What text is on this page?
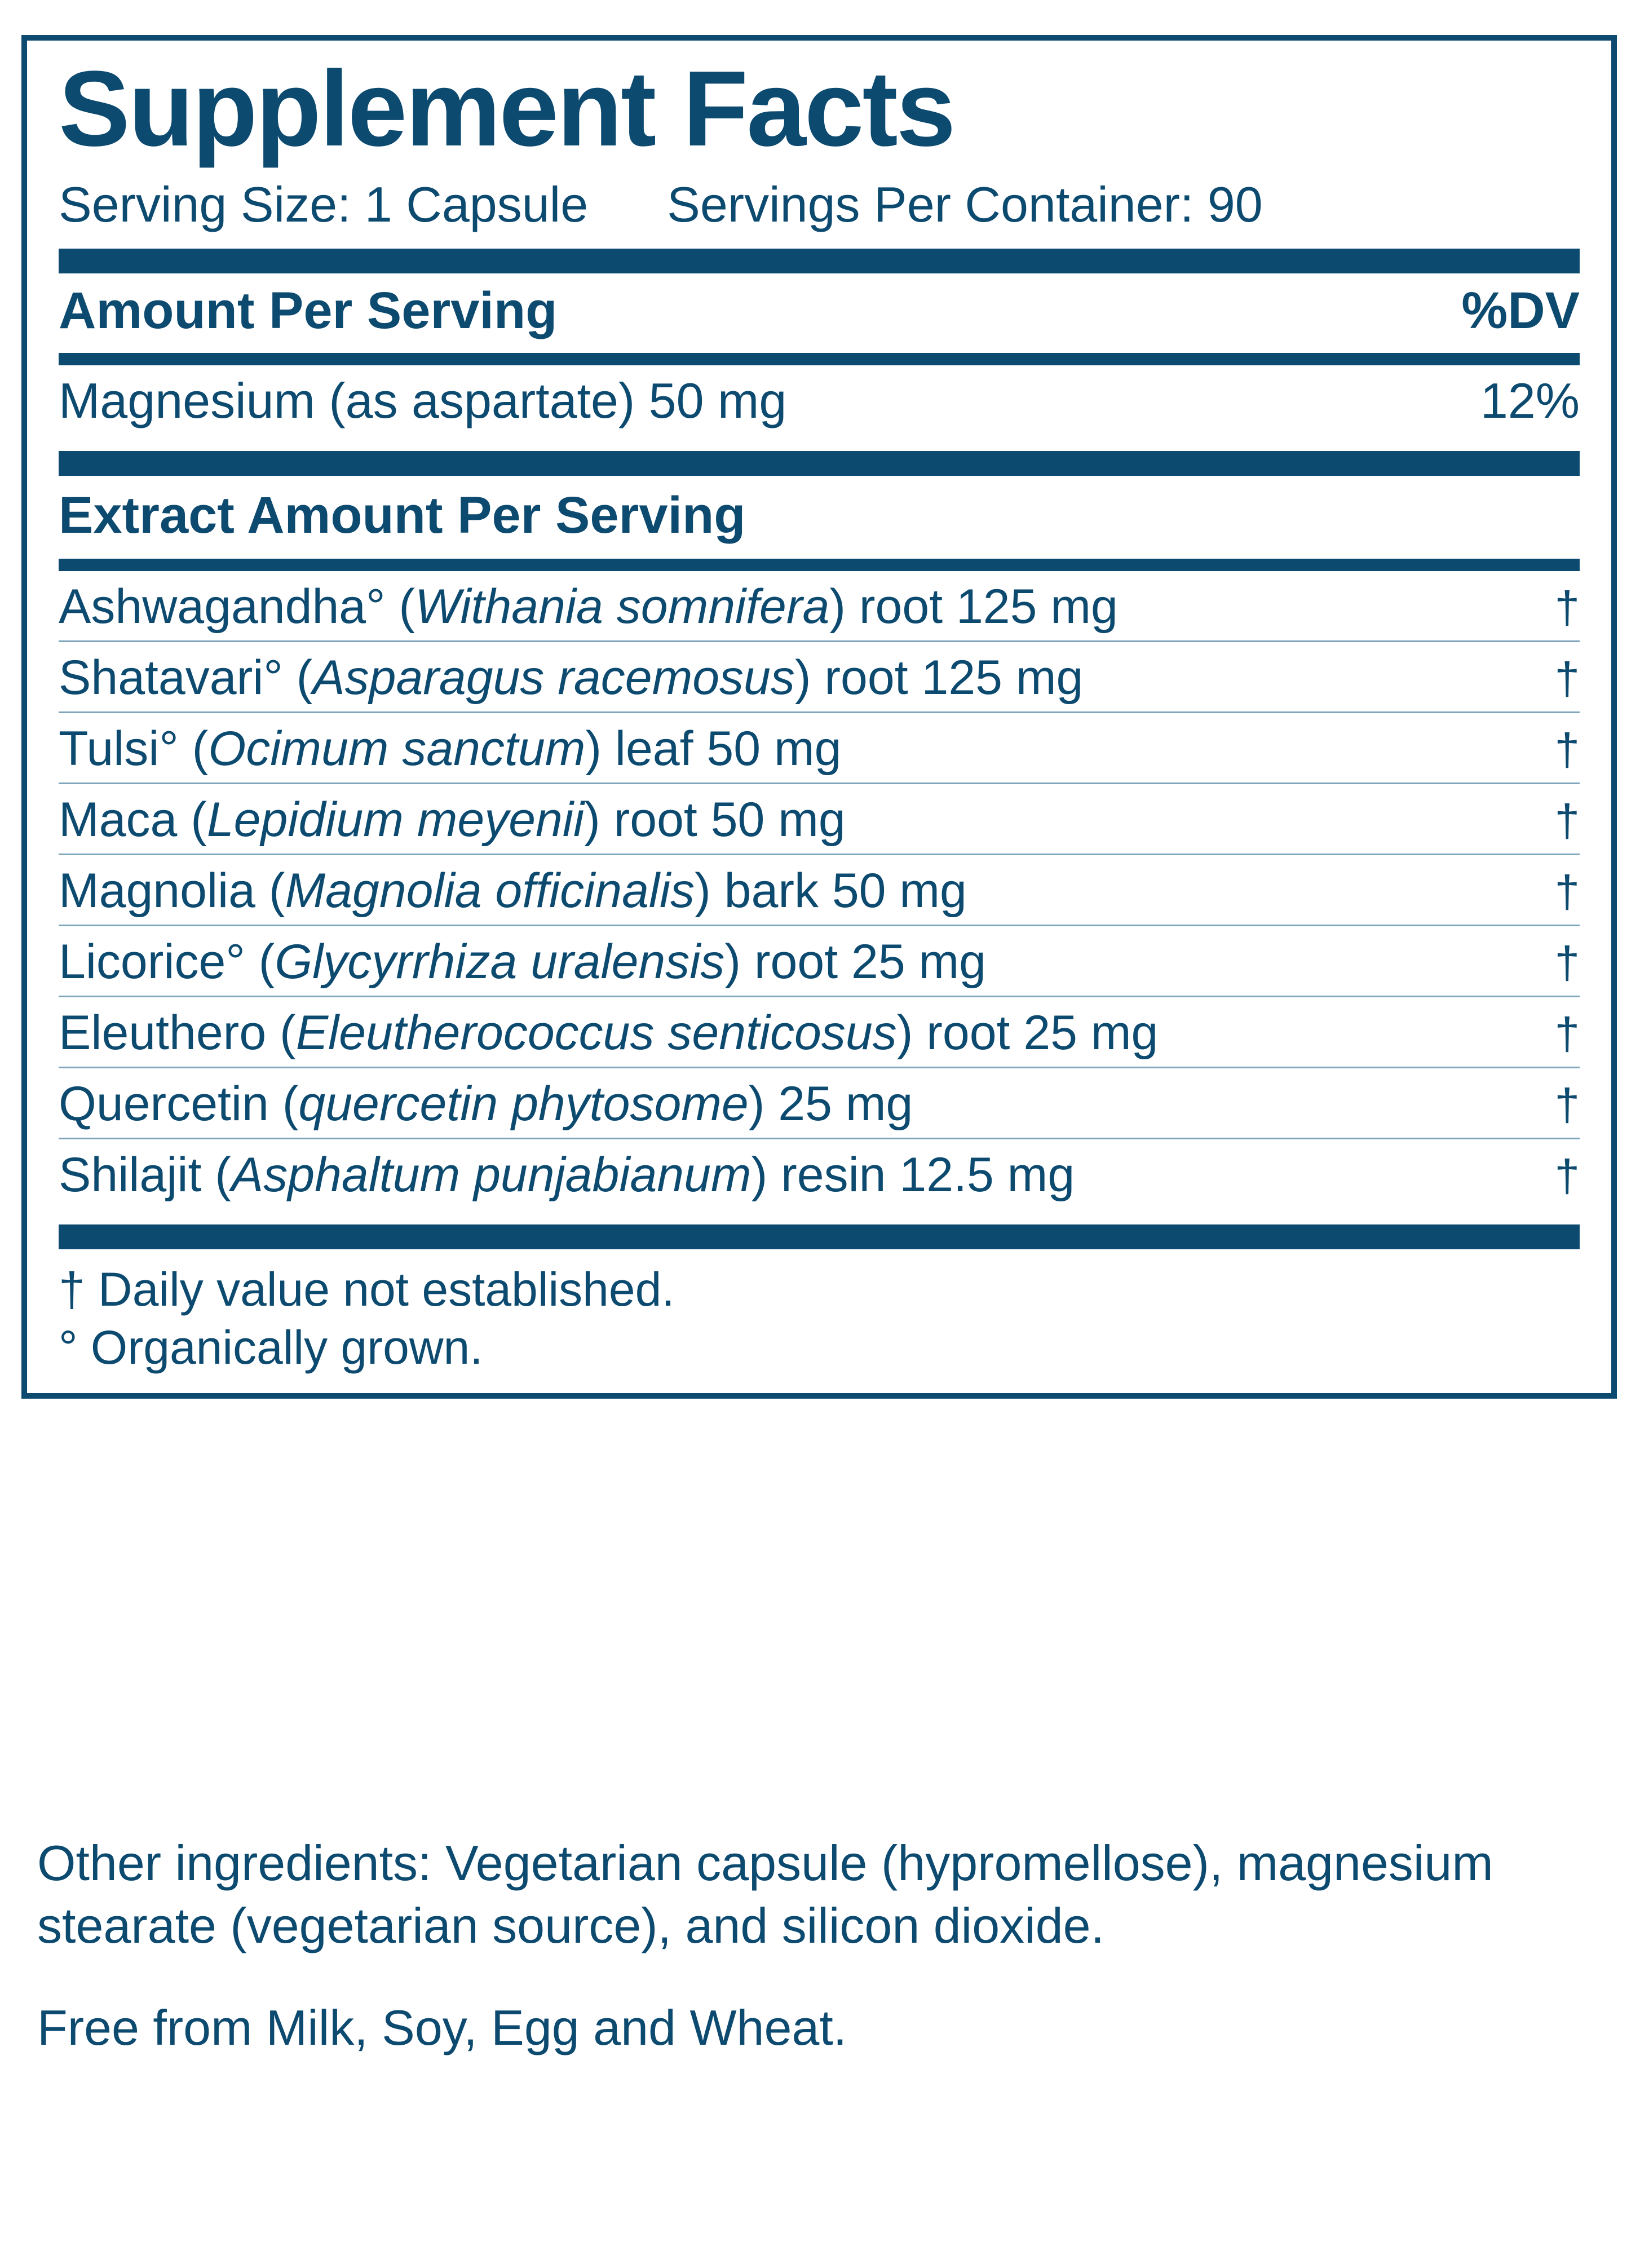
Supplement Facts
Serving Size: 1 Capsule Servings Per Container: 90
Amount Per Serving	%DV
Magnesium (as aspartate) 50 mg	12%
Extract Amount Per Serving
Ashwagandha° (Withania somnifera) root 125 mg	†
Shatavari° (Asparagus racemosus) root 125 mg	†
Tulsi° (Ocimum sanctum) leaf 50 mg	†
Maca (Lepidium meyenii) root 50 mg	†
Magnolia (Magnolia officinalis) bark 50 mg	†
Licorice° (Glycyrrhiza uralensis) root 25 mg	†
Eleuthero (Eleutherococcus senticosus) root 25 mg	†
Quercetin (quercetin phytosome) 25 mg	†
Shilajit (Asphaltum punjabianum) resin 12.5 mg	†
† Daily value not established.
° Organically grown.
Other ingredients: Vegetarian capsule (hypromellose), magnesium stearate (vegetarian source), and silicon dioxide.
Free from Milk, Soy, Egg and Wheat.
